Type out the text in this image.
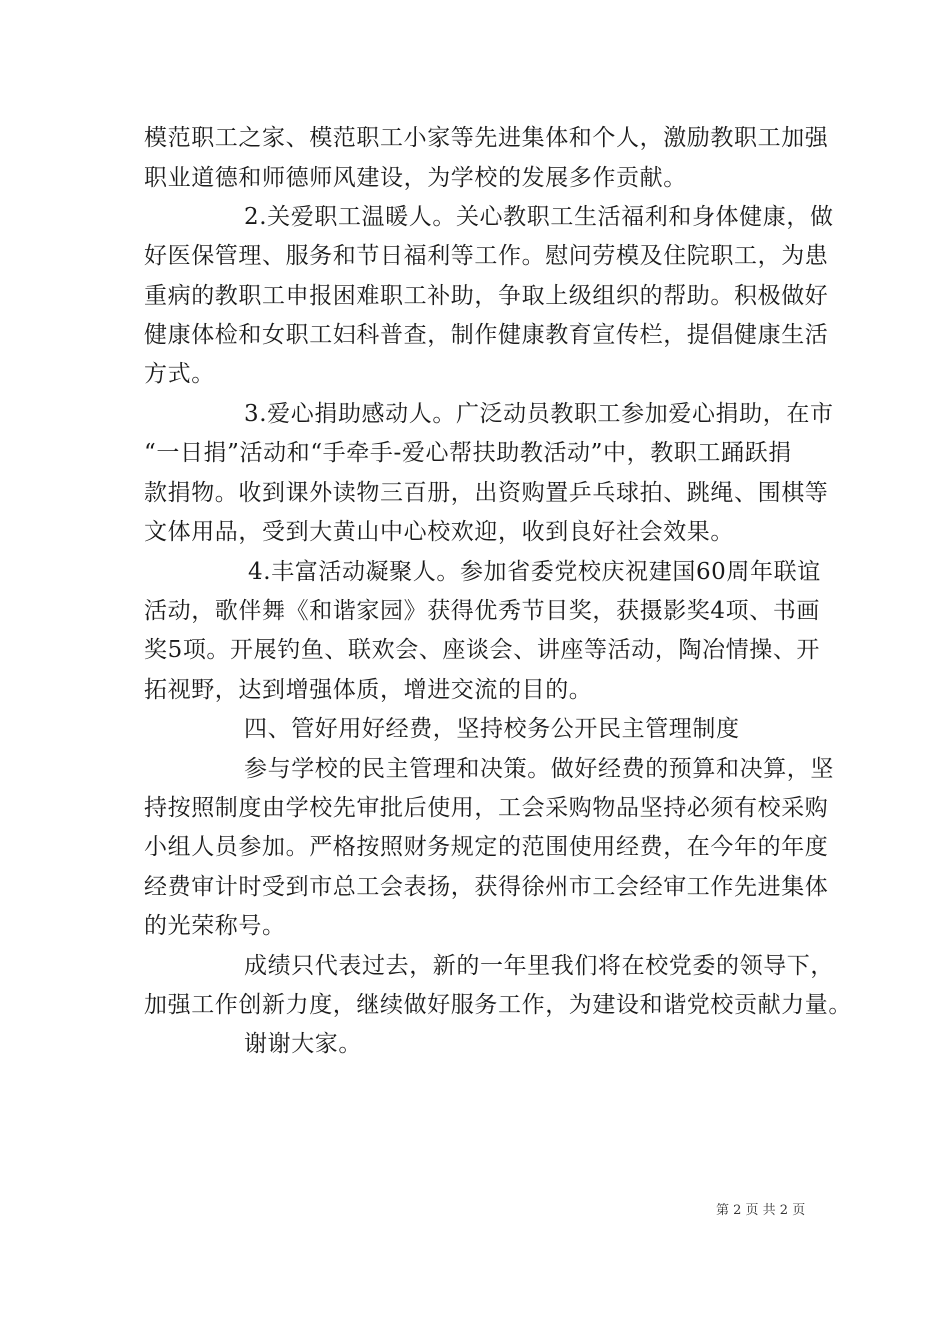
模范职工之家、模范职工小家等先进集体和个人，激励教职工加强
职业道德和师德师风建设，为学校的发展多作贡献。
2.关爱职工温暖人。关心教职工生活福利和身体健康，做
好医保管理、服务和节日福利等工作。慰问劳模及住院职工，为患
重病的教职工申报困难职工补助，争取上级组织的帮助。积极做好
健康体检和女职工妇科普查，制作健康教育宣传栏，提倡健康生活
方式。
3.爱心捐助感动人。广泛动员教职工参加爱心捐助，在市
“一日捐”活动和“手牵手-爱心帮扶助教活动”中，教职工踊跃捐
款捐物。收到课外读物三百册，出资购置乒乓球拍、跳绳、围棋等
文体用品，受到大黄山中心校欢迎，收到良好社会效果。
4.丰富活动凝聚人。参加省委党校庆祝建国60周年联谊
活动，歌伴舞《和谐家园》获得优秀节目奖，获摄影奖4项、书画
奖5项。开展钓鱼、联欢会、座谈会、讲座等活动，陶冶情操、开
拓视野，达到增强体质，增进交流的目的。
四、管好用好经费，坚持校务公开民主管理制度
参与学校的民主管理和决策。做好经费的预算和决算，坚
持按照制度由学校先审批后使用，工会采购物品坚持必须有校采购
小组人员参加。严格按照财务规定的范围使用经费，在今年的年度
经费审计时受到市总工会表扬，获得徐州市工会经审工作先进集体
的光荣称号。
成绩只代表过去，新的一年里我们将在校党委的领导下，
加强工作创新力度，继续做好服务工作，为建设和谐党校贡献力量。
谢谢大家。
第 2 页 共 2 页
